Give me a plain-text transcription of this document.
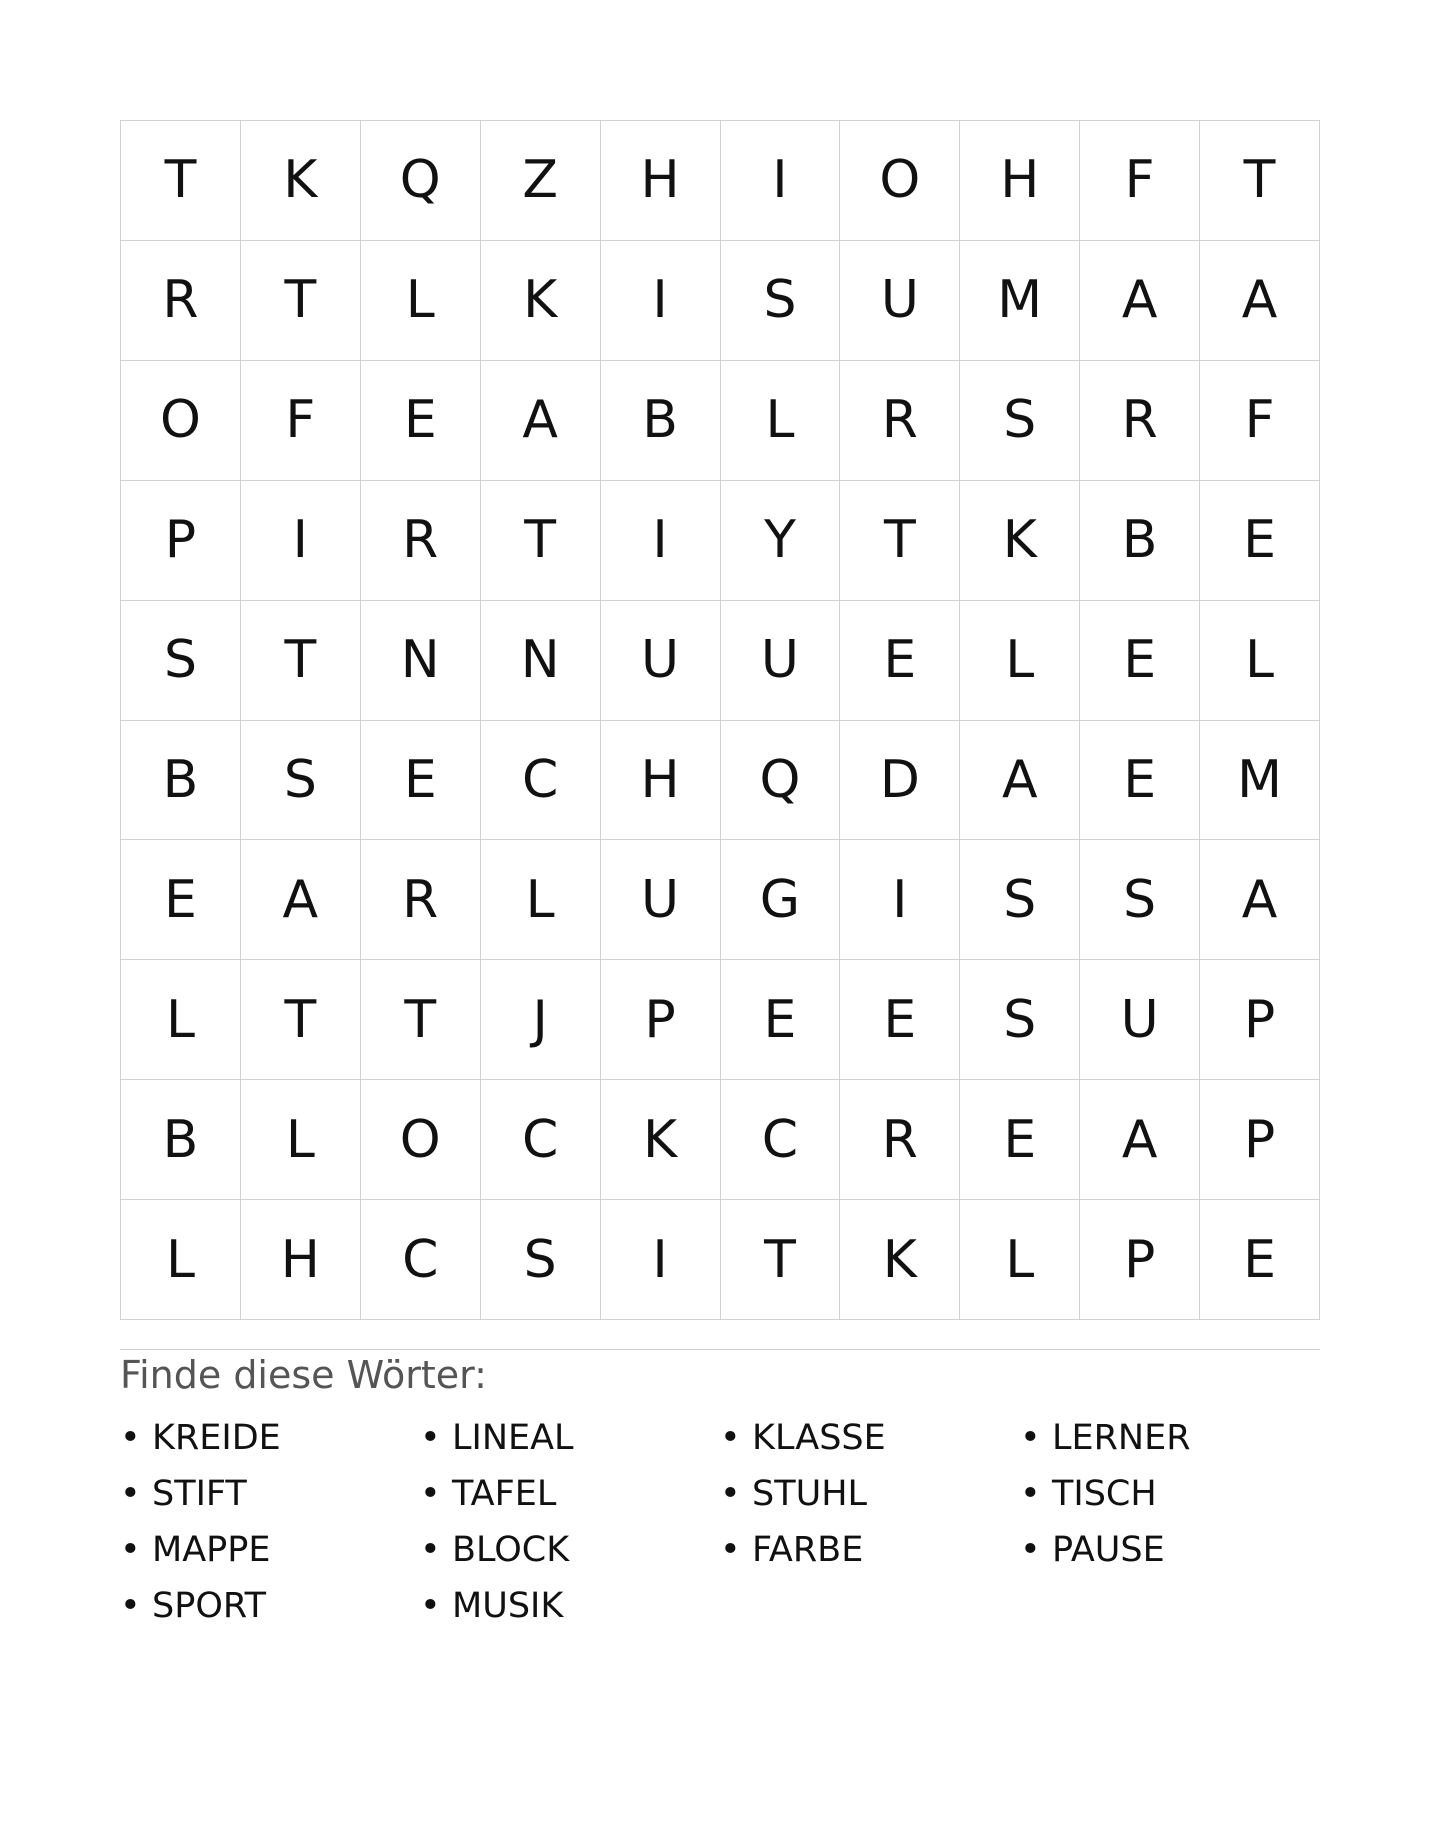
T	K	Q	Z	H	I	O	H	F	T
R	T	L	K	I	S	U	M	A	A
O	F	E	A	B	L	R	S	R	F
P	I	R	T	I	Y	T	K	B	E
S	T	N	N	U	U	E	L	E	L
B	S	E	C	H	Q	D	A	E	M
E	A	R	L	U	G	I	S	S	A
L	T	T	J	P	E	E	S	U	P
B	L	O	C	K	C	R	E	A	P
L	H	C	S	I	T	K	L	P	E
Finde diese Wörter:
• KREIDE	• LINEAL	• KLASSE	• LERNER
• STIFT	• TAFEL	• STUHL	• TISCH
• MAPPE	• BLOCK	• FARBE	• PAUSE
• SPORT	• MUSIK
